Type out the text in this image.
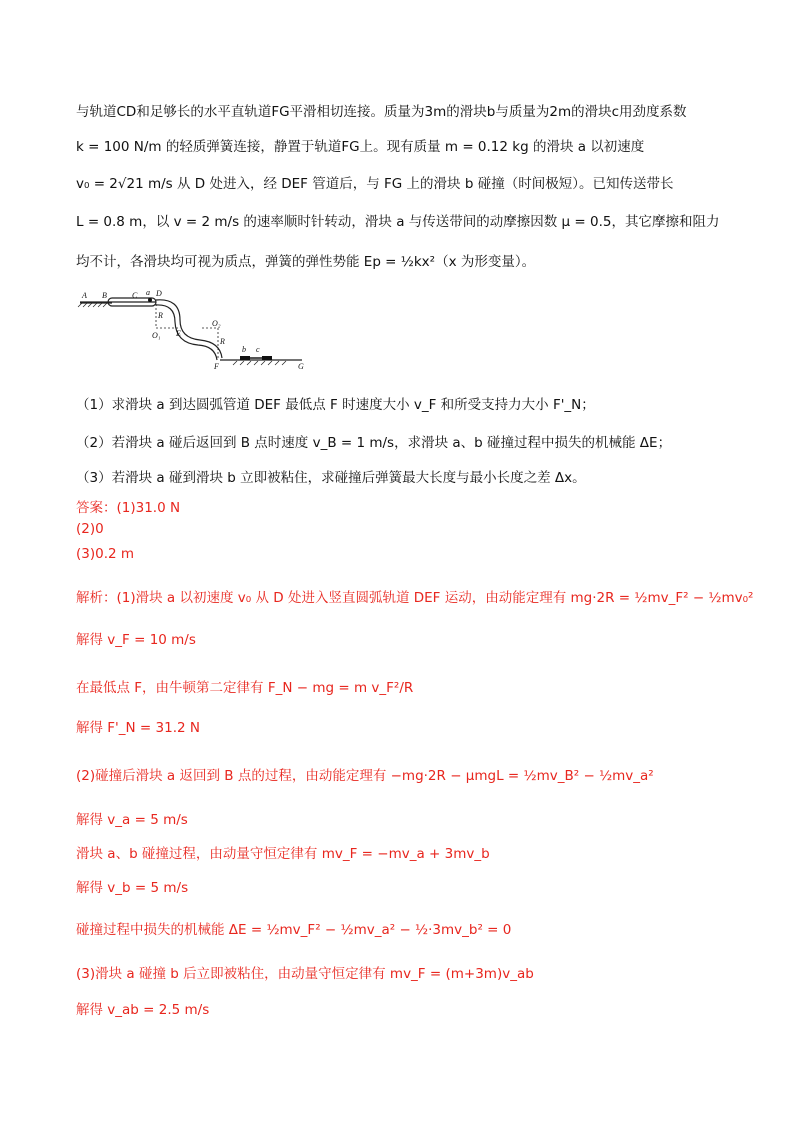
与轨道CD和足够长的水平直轨道FG平滑相切连接。质量为3m的滑块b与质量为2m的滑块c用劲度系数
k = 100 N/m 的轻质弹簧连接，静置于轨道FG上。现有质量 m = 0.12 kg 的滑块 a 以初速度
v₀ = 2√21 m/s 从 D 处进入，经 DEF 管道后，与 FG 上的滑块 b 碰撞（时间极短）。已知传送带长
L = 0.8 m，以 v = 2 m/s 的速率顺时针转动，滑块 a 与传送带间的动摩擦因数 μ = 0.5，其它摩擦和阻力
均不计，各滑块均可视为质点，弹簧的弹性势能 Ep = ½kx²（x 为形变量）。
A B	C a D
R
O₁ E
O₂
R
F
b c
G
（1）求滑块 a 到达圆弧管道 DEF 最低点 F 时速度大小 v_F 和所受支持力大小 F'_N；
（2）若滑块 a 碰后返回到 B 点时速度 v_B = 1 m/s，求滑块 a、b 碰撞过程中损失的机械能 ΔE；
（3）若滑块 a 碰到滑块 b 立即被粘住，求碰撞后弹簧最大长度与最小长度之差 Δx。
答案：(1)31.0 N
(2)0
(3)0.2 m
解析：(1)滑块 a 以初速度 v₀ 从 D 处进入竖直圆弧轨道 DEF 运动，由动能定理有 mg·2R = ½mv_F² − ½mv₀²
解得 v_F = 10 m/s
在最低点 F，由牛顿第二定律有 F_N − mg = m v_F²/R
解得 F'_N = 31.2 N
(2)碰撞后滑块 a 返回到 B 点的过程，由动能定理有 −mg·2R − μmgL = ½mv_B² − ½mv_a²
解得 v_a = 5 m/s
滑块 a、b 碰撞过程，由动量守恒定律有 mv_F = −mv_a + 3mv_b
解得 v_b = 5 m/s
碰撞过程中损失的机械能 ΔE = ½mv_F² − ½mv_a² − ½·3mv_b² = 0
(3)滑块 a 碰撞 b 后立即被粘住，由动量守恒定律有 mv_F = (m+3m)v_ab
解得 v_ab = 2.5 m/s
